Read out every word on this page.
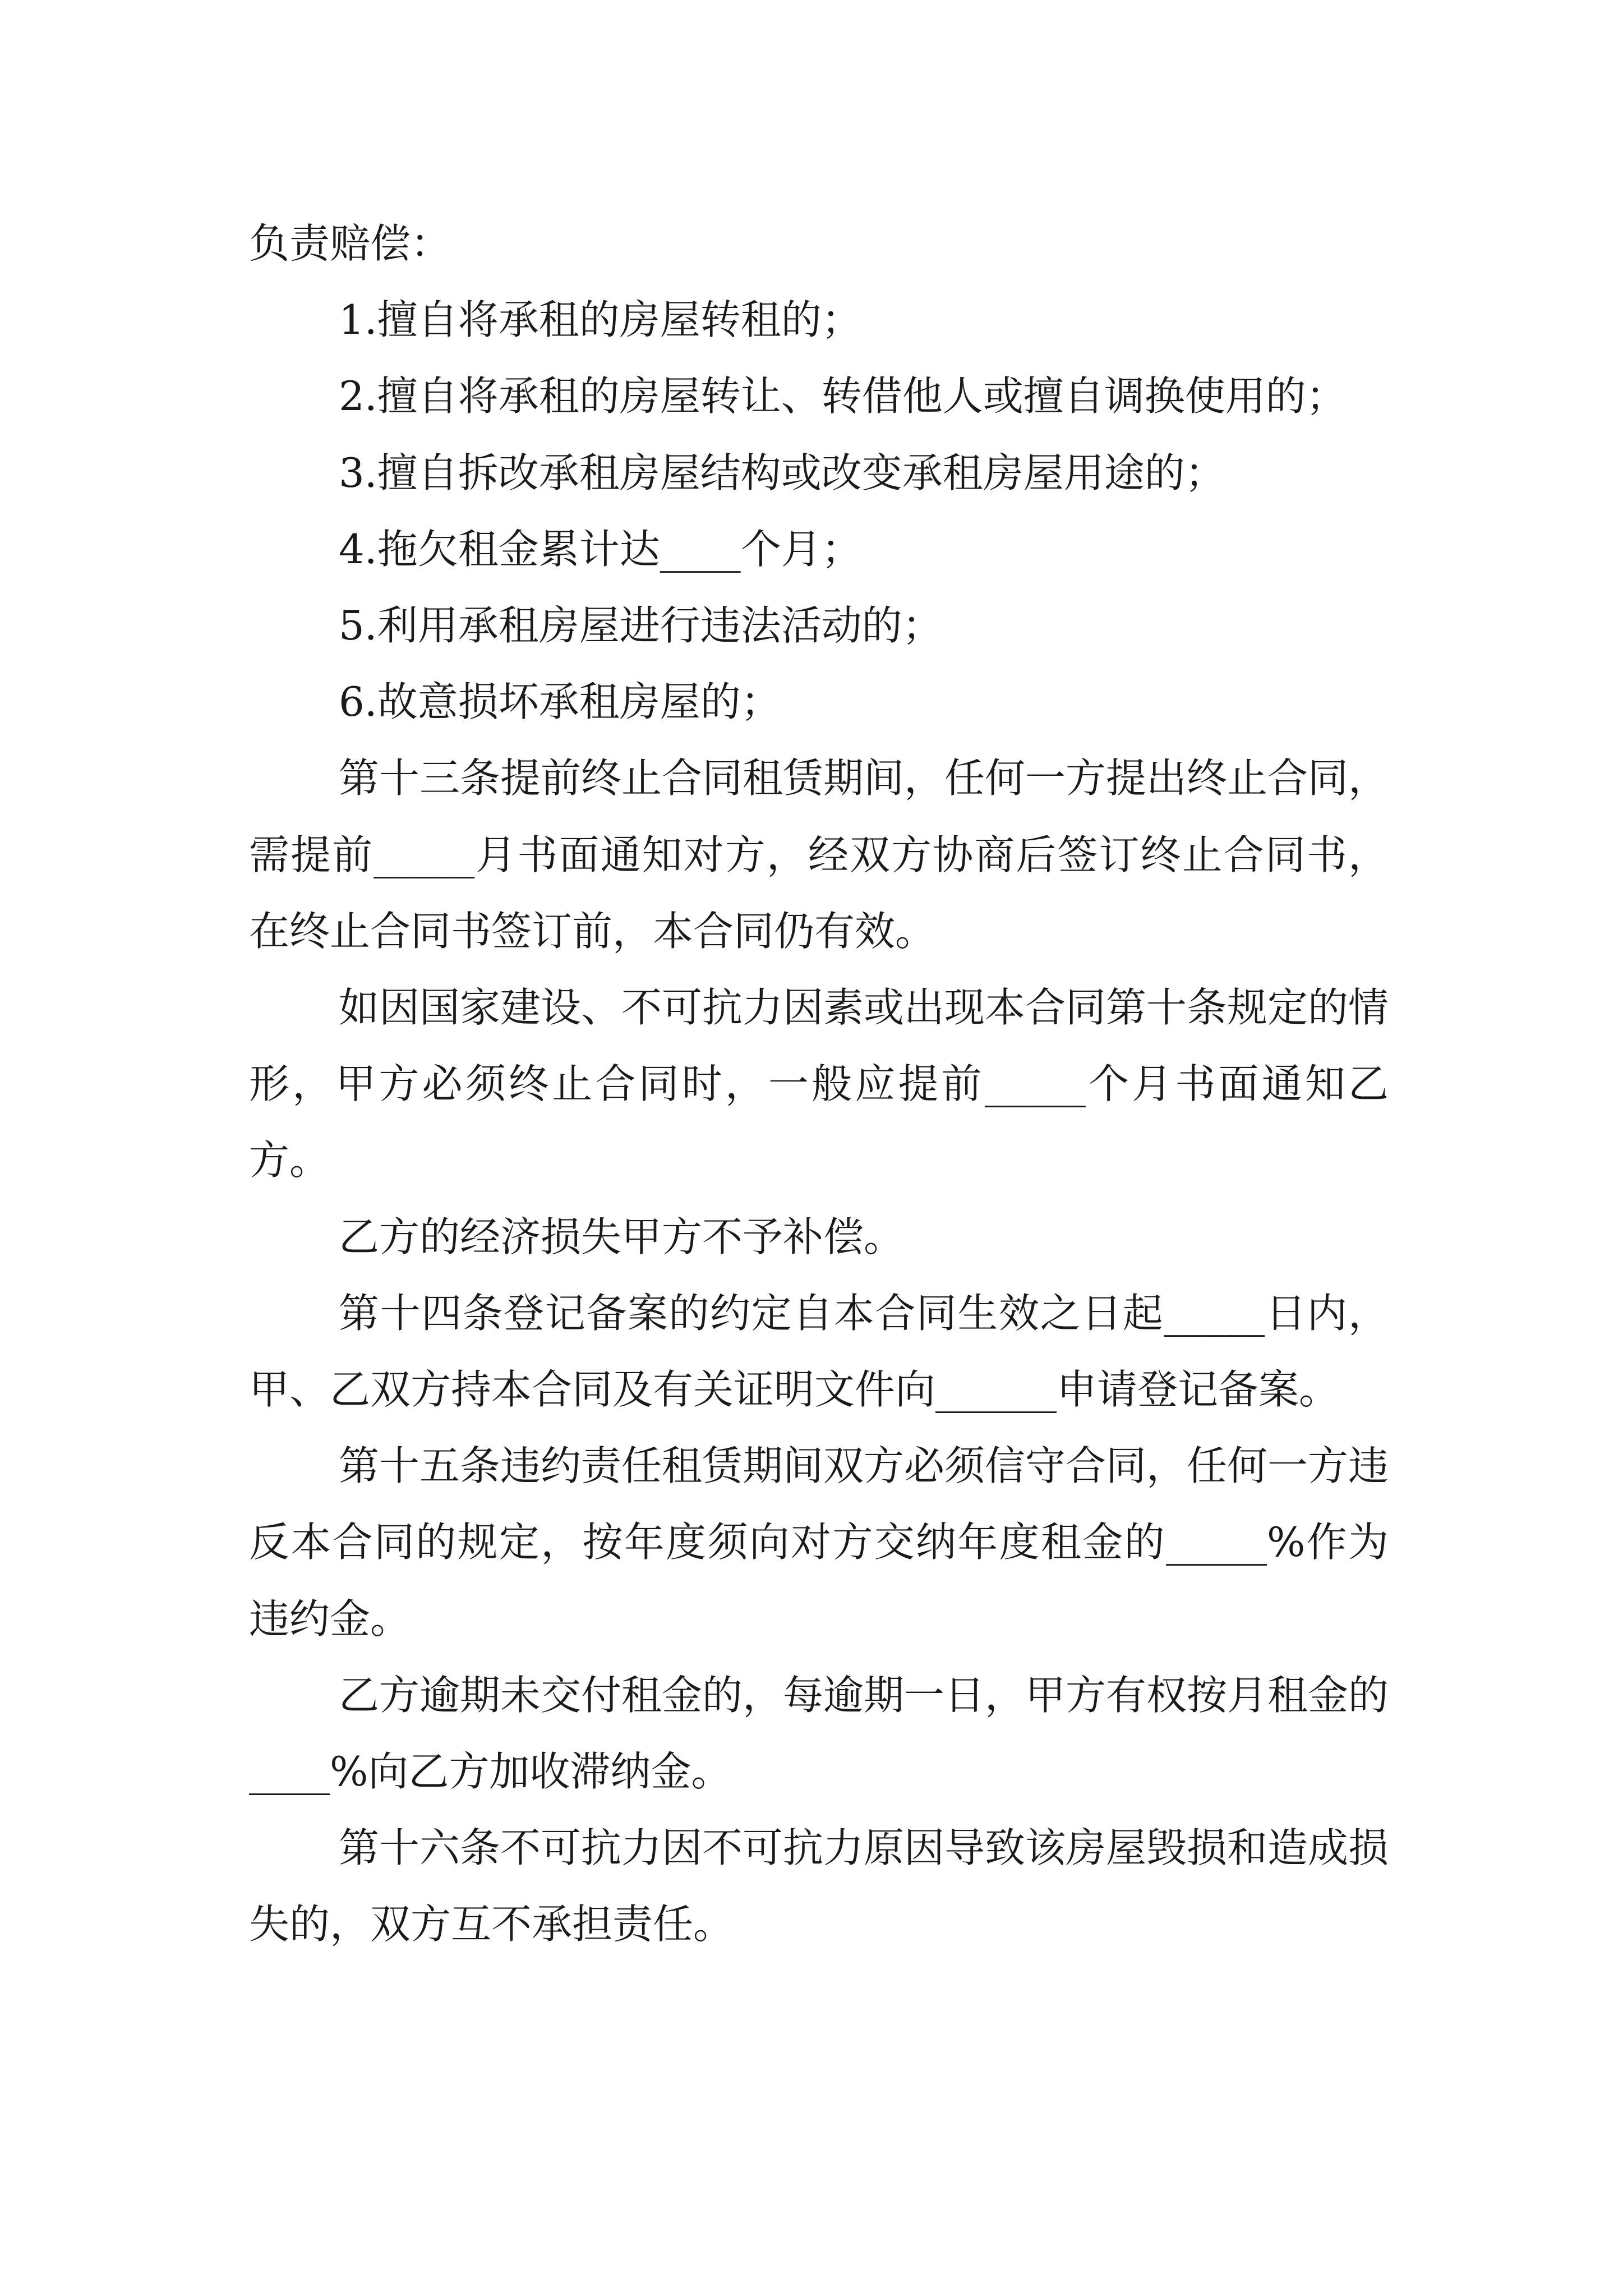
负责赔偿：

1.擅自将承租的房屋转租的；

2.擅自将承租的房屋转让、转借他人或擅自调换使用的；

3.擅自拆改承租房屋结构或改变承租房屋用途的；

4.拖欠租金累计达____个月；

5.利用承租房屋进行违法活动的；

6.故意损坏承租房屋的；

第十三条提前终止合同租赁期间，任何一方提出终止合同，需提前_____月书面通知对方，经双方协商后签订终止合同书，在终止合同书签订前，本合同仍有效。

如因国家建设、不可抗力因素或出现本合同第十条规定的情形，甲方必须终止合同时，一般应提前_____个月书面通知乙方。

乙方的经济损失甲方不予补偿。

第十四条登记备案的约定自本合同生效之日起_____日内，甲、乙双方持本合同及有关证明文件向______申请登记备案。

第十五条违约责任租赁期间双方必须信守合同，任何一方违反本合同的规定，按年度须向对方交纳年度租金的_____%作为违约金。

乙方逾期未交付租金的，每逾期一日，甲方有权按月租金的____%向乙方加收滞纳金。

第十六条不可抗力因不可抗力原因导致该房屋毁损和造成损失的，双方互不承担责任。
